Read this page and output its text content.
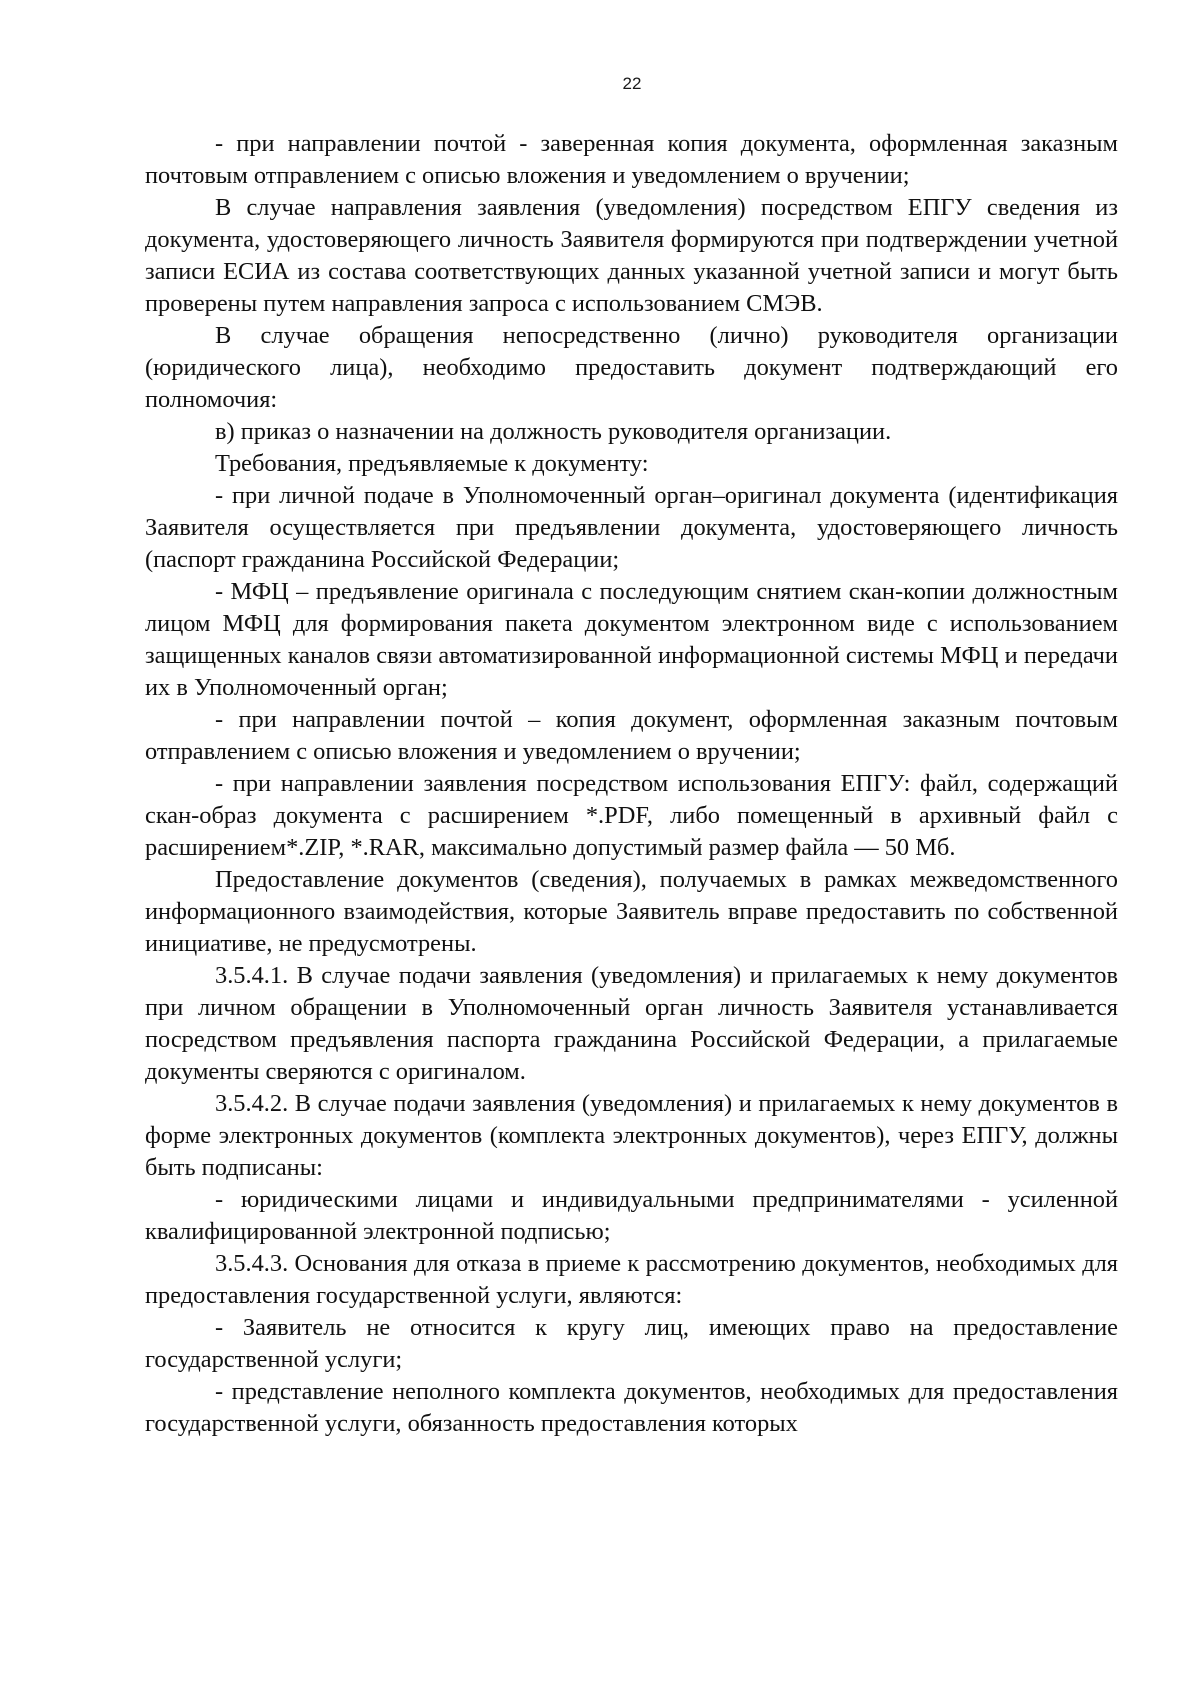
22

- при направлении почтой - заверенная копия документа, оформленная заказным почтовым отправлением с описью вложения и уведомлением о вручении;

В случае направления заявления (уведомления) посредством ЕПГУ сведения из документа, удостоверяющего личность Заявителя формируются при подтверждении учетной записи ЕСИА из состава соответствующих данных указанной учетной записи и могут быть проверены путем направления запроса с использованием СМЭВ.

В случае обращения непосредственно (лично) руководителя организации (юридического лица), необходимо предоставить документ подтверждающий его полномочия:

в) приказ о назначении на должность руководителя организации.

Требования, предъявляемые к документу:

- при личной подаче в Уполномоченный орган–оригинал документа (идентификация Заявителя осуществляется при предъявлении документа, удостоверяющего личность (паспорт гражданина Российской Федерации;

- МФЦ – предъявление оригинала с последующим снятием скан-копии должностным лицом МФЦ для формирования пакета документом электронном виде с использованием защищенных каналов связи автоматизированной информационной системы МФЦ и передачи их в Уполномоченный орган;

- при направлении почтой – копия документ, оформленная заказным почтовым отправлением с описью вложения и уведомлением о вручении;

- при направлении заявления посредством использования ЕПГУ: файл, содержащий скан-образ документа с расширением *.PDF, либо помещенный в архивный файл с расширением*.ZIP, *.RAR, максимально допустимый размер файла — 50 Мб.

Предоставление документов (сведения), получаемых в рамках межведомственного информационного взаимодействия, которые Заявитель вправе предоставить по собственной инициативе, не предусмотрены.

3.5.4.1. В случае подачи заявления (уведомления) и прилагаемых к нему документов при личном обращении в Уполномоченный орган личность Заявителя устанавливается посредством предъявления паспорта гражданина Российской Федерации, а прилагаемые документы сверяются с оригиналом.

3.5.4.2. В случае подачи заявления (уведомления) и прилагаемых к нему документов в форме электронных документов (комплекта электронных документов), через ЕПГУ, должны быть подписаны:

- юридическими лицами и индивидуальными предпринимателями - усиленной квалифицированной электронной подписью;

3.5.4.3. Основания для отказа в приеме к рассмотрению документов, необходимых для предоставления государственной услуги, являются:

- Заявитель не относится к кругу лиц, имеющих право на предоставление государственной услуги;

- представление неполного комплекта документов, необходимых для предоставления государственной услуги, обязанность предоставления которых
